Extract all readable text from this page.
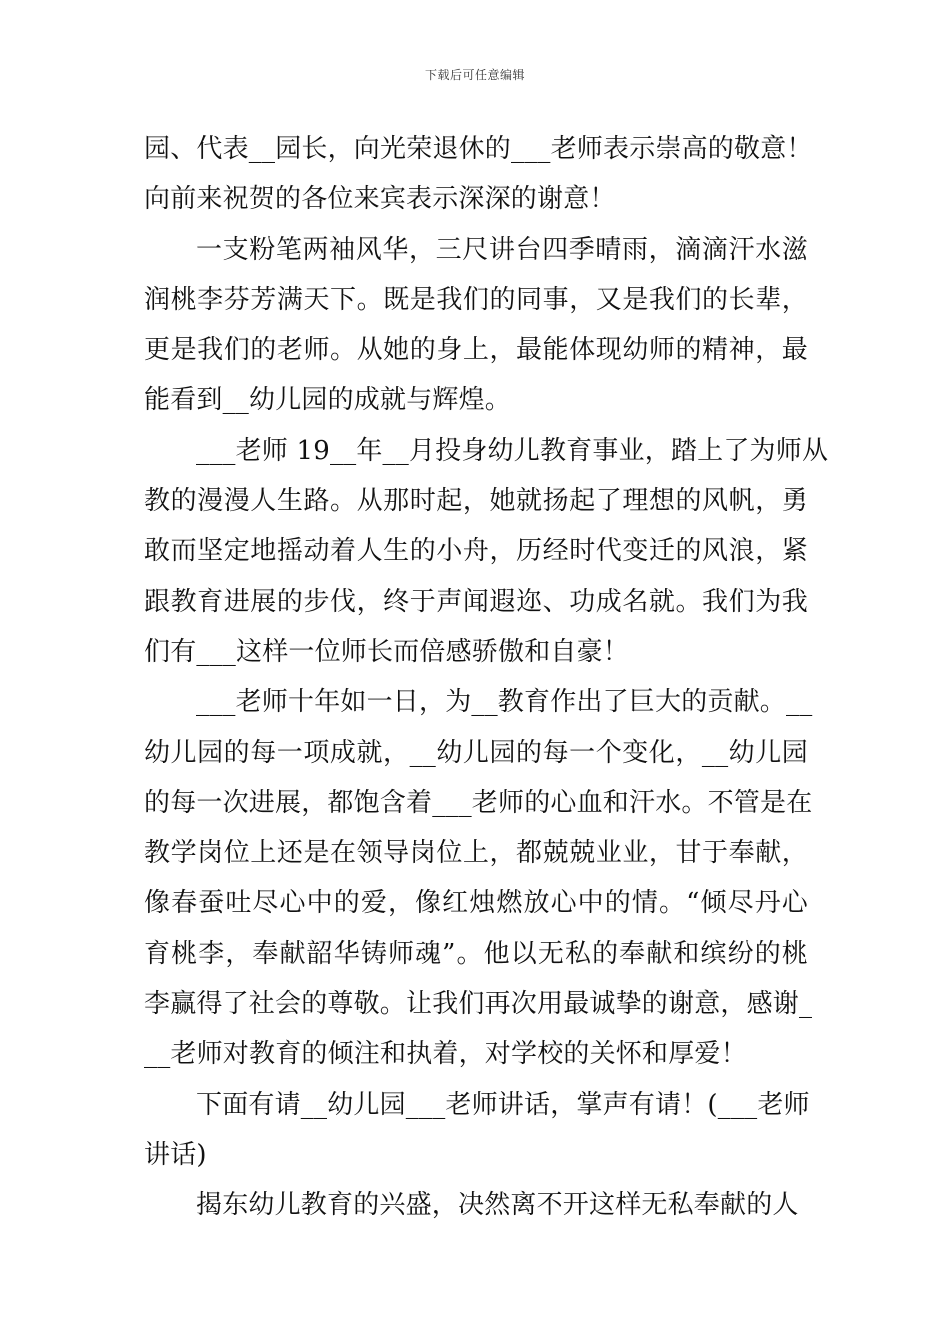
下载后可任意编辑
园、代表__园长，向光荣退休的___老师表示崇高的敬意！
向前来祝贺的各位来宾表示深深的谢意！
一支粉笔两袖风华，三尺讲台四季晴雨，滴滴汗水滋
润桃李芬芳满天下。既是我们的同事，又是我们的长辈，
更是我们的老师。从她的身上，最能体现幼师的精神，最
能看到__幼儿园的成就与辉煌。
___老师 19__年__月投身幼儿教育事业，踏上了为师从
教的漫漫人生路。从那时起，她就扬起了理想的风帆，勇
敢而坚定地摇动着人生的小舟，历经时代变迁的风浪，紧
跟教育进展的步伐，终于声闻遐迩、功成名就。我们为我
们有___这样一位师长而倍感骄傲和自豪！
___老师十年如一日，为__教育作出了巨大的贡献。__
幼儿园的每一项成就，__幼儿园的每一个变化，__幼儿园
的每一次进展，都饱含着___老师的心血和汗水。不管是在
教学岗位上还是在领导岗位上，都兢兢业业，甘于奉献，
像春蚕吐尽心中的爱，像红烛燃放心中的情。“倾尽丹心
育桃李，奉献韶华铸师魂”。他以无私的奉献和缤纷的桃
李赢得了社会的尊敬。让我们再次用最诚挚的谢意，感谢_
__老师对教育的倾注和执着，对学校的关怀和厚爱！
下面有请__幼儿园___老师讲话，掌声有请！(___老师
讲话)
揭东幼儿教育的兴盛，决然离不开这样无私奉献的人
